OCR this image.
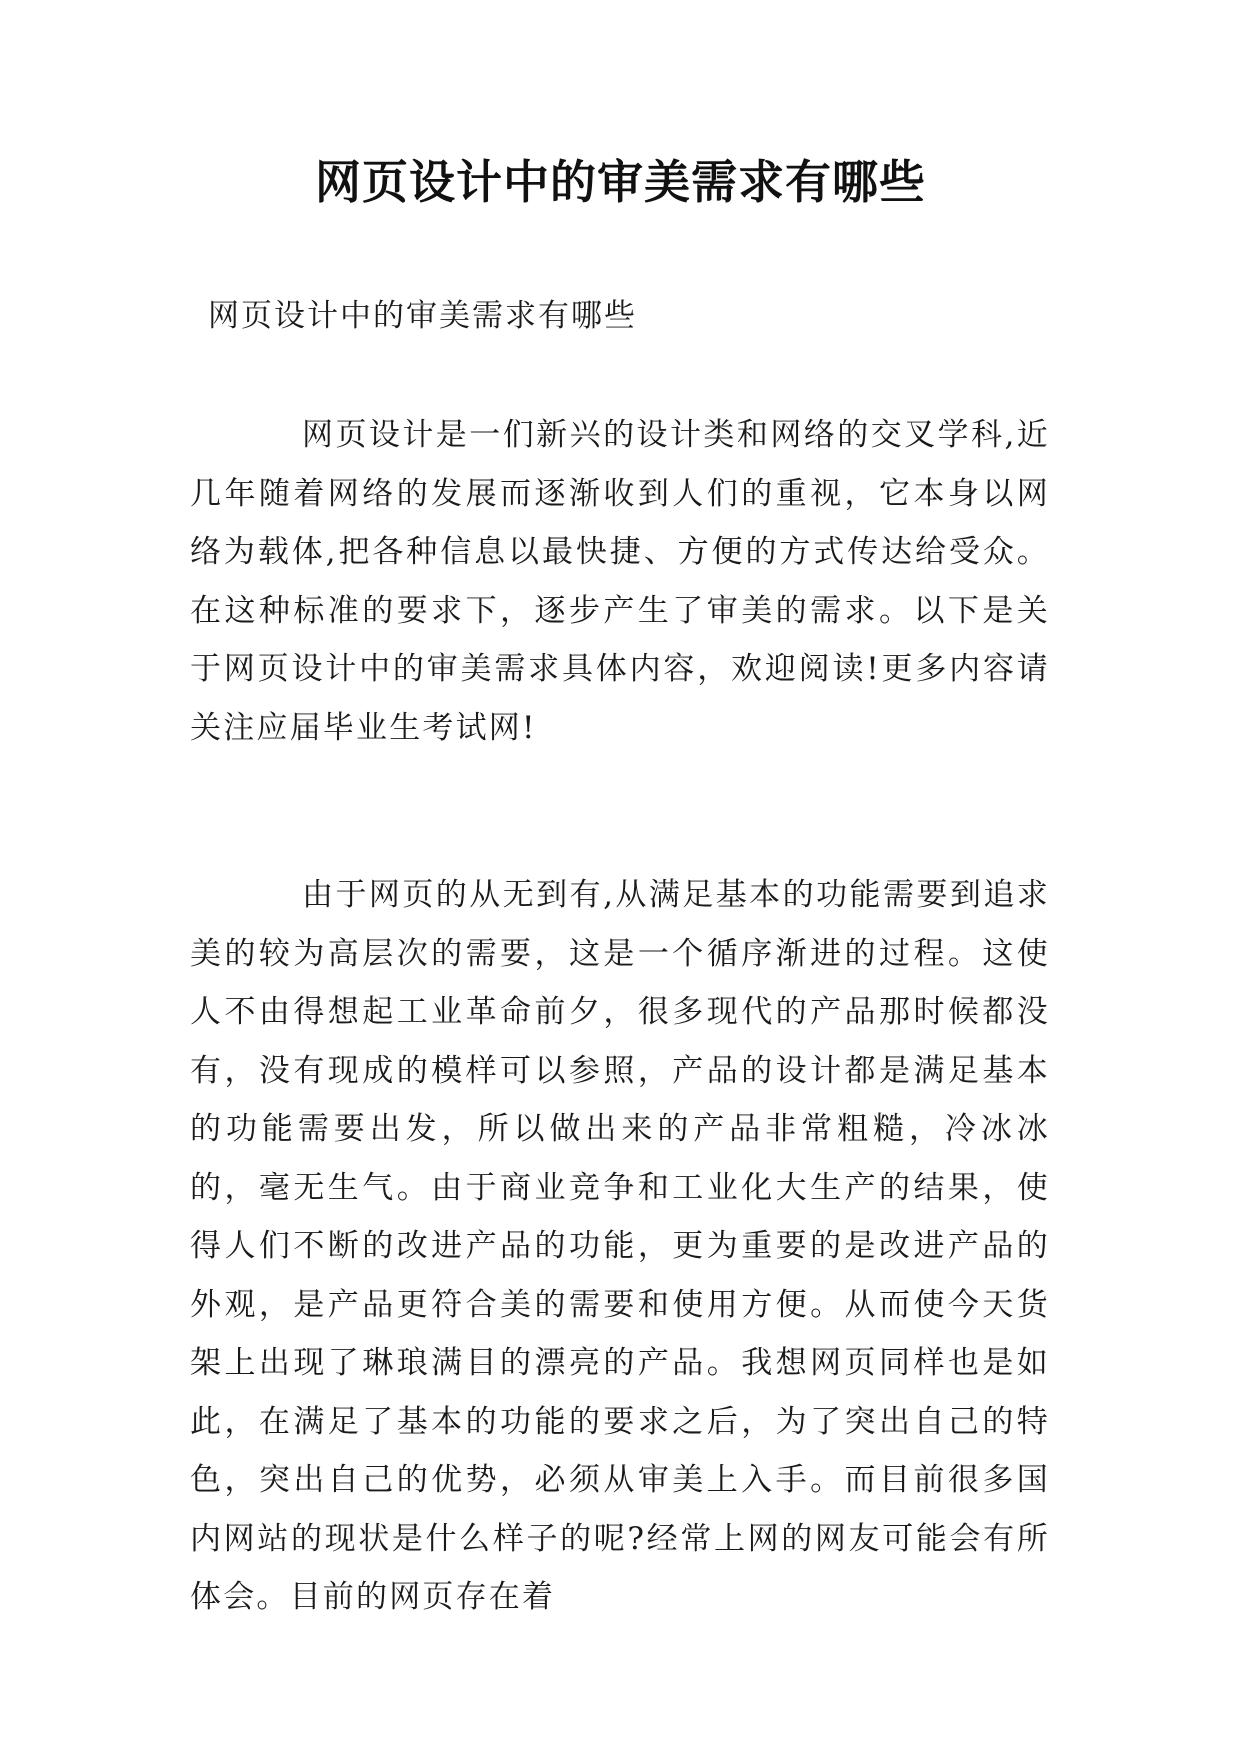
网页设计中的审美需求有哪些

网页设计中的审美需求有哪些

网页设计是一们新兴的设计类和网络的交叉学科,近几年随着网络的发展而逐渐收到人们的重视，它本身以网络为载体,把各种信息以最快捷、方便的方式传达给受众。在这种标准的要求下，逐步产生了审美的需求。以下是关于网页设计中的审美需求具体内容，欢迎阅读!更多内容请关注应届毕业生考试网!

由于网页的从无到有,从满足基本的功能需要到追求美的较为高层次的需要，这是一个循序渐进的过程。这使人不由得想起工业革命前夕，很多现代的产品那时候都没有，没有现成的模样可以参照，产品的设计都是满足基本的功能需要出发，所以做出来的产品非常粗糙，冷冰冰的，毫无生气。由于商业竞争和工业化大生产的结果，使得人们不断的改进产品的功能，更为重要的是改进产品的外观，是产品更符合美的需要和使用方便。从而使今天货架上出现了琳琅满目的漂亮的产品。我想网页同样也是如此，在满足了基本的功能的要求之后，为了突出自己的特色，突出自己的优势，必须从审美上入手。而目前很多国内网站的现状是什么样子的呢?经常上网的网友可能会有所体会。目前的网页存在着
